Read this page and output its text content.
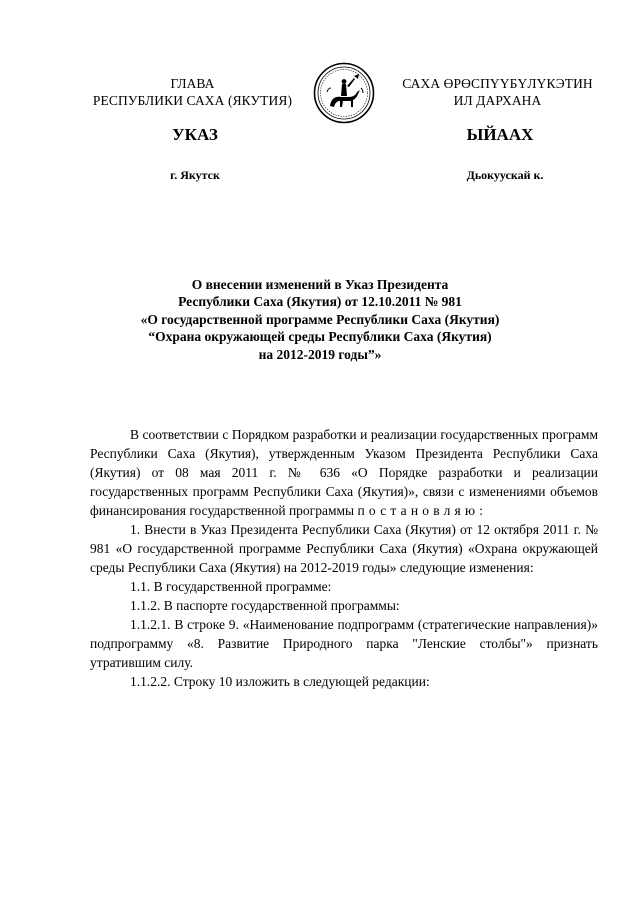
ГЛАВА
РЕСПУБЛИКИ САХА (ЯКУТИЯ)
САХА ӨРӨСПҮҮБҮЛҮКЭТИН
ИЛ ДАРХАНА
УКАЗ	ЫЙААХ
г. Якутск	Дьокуускай к.
О внесении изменений в Указ Президента
Республики Саха (Якутия) от 12.10.2011 № 981
«О государственной программе Республики Саха (Якутия)
“Охрана окружающей среды Республики Саха (Якутия)
на 2012-2019 годы”»

В соответствии с Порядком разработки и реализации государственных программ Республики Саха (Якутия), утвержденным Указом Президента Республики Саха (Якутия) от 08 мая 2011 г. № 636 «О Порядке разработки и реализации государственных программ Республики Саха (Якутия)», связи с изменениями объемов финансирования государственной программы постановляю:

1. Внести в Указ Президента Республики Саха (Якутия) от 12 октября 2011 г. № 981 «О государственной программе Республики Саха (Якутия) «Охрана окружающей среды Республики Саха (Якутия) на 2012-2019 годы» следующие изменения:

1.1. В государственной программе:

1.1.2. В паспорте государственной программы:

1.1.2.1. В строке 9. «Наименование подпрограмм (стратегические направления)» подпрограмму «8. Развитие Природного парка "Ленские столбы"» признать утратившим силу.

1.1.2.2. Строку 10 изложить в следующей редакции:
